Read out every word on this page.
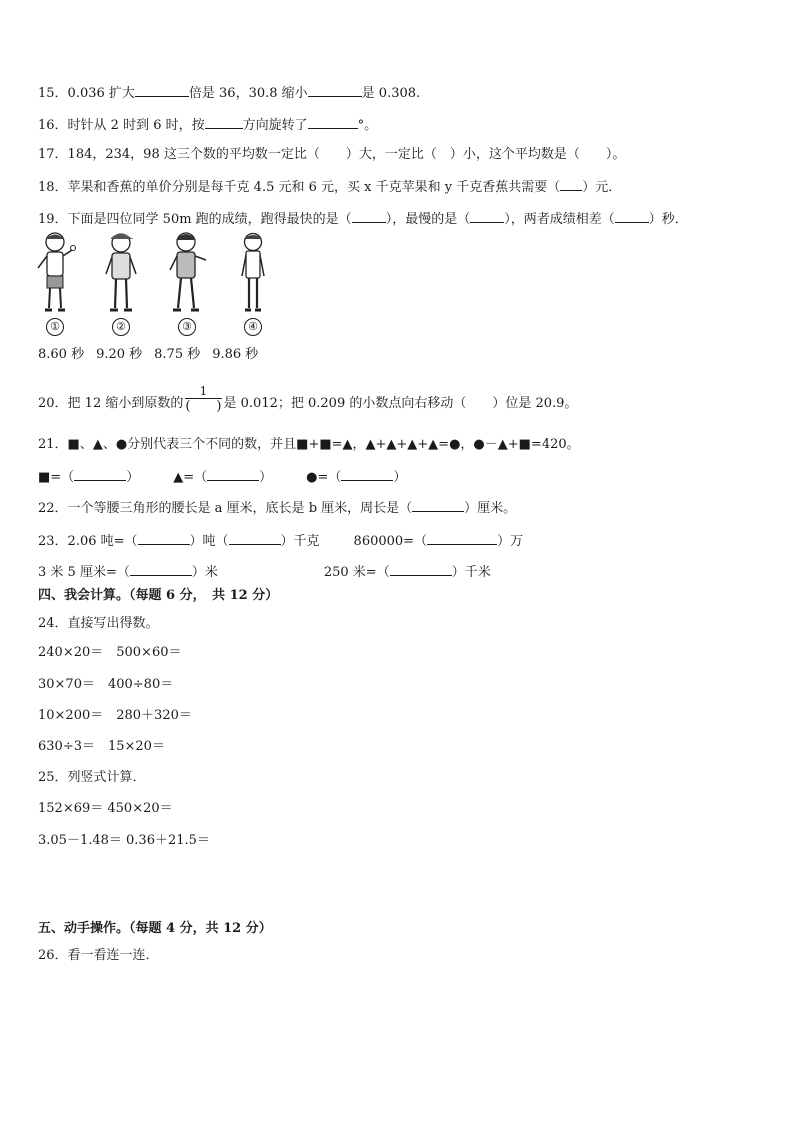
15．0.036 扩大	倍是 36，30.8 缩小	是 0.308.
16．时针从 2 时到 6 时，按	方向旋转了	°。
17．184，234，98 这三个数的平均数一定比（　　）大，一定比（　）小，这个平均数是（　　）。
18．苹果和香蕉的单价分别是每千克 4.5 元和 6 元，买 x 千克苹果和 y 千克香蕉共需要（ ）元．
19．下面是四位同学 50m 跑的成绩，跑得最快的是（	），最慢的是（	），两者成绩相差（	）秒．
①	②	③	④
8.60 秒 9.20 秒 8.75 秒 9.86 秒
20．把 12 缩小到原数的 $\frac{1}{( )}$ 是 0.012；把 0.209 的小数点向右移动（　　）位是 20.9。
21．■、▲、●分别代表三个不同的数，并且■+■=▲，▲+▲+▲+▲=●，●－▲+■=420。
■=（	）	▲=（	）	●=（	）
22．一个等腰三角形的腰长是 a 厘米，底长是 b 厘米，周长是（	）厘米。
23．2.06 吨=（	）吨（	）千克	860000=（	）万
3 米 5 厘米=（	）米	250 米=（	）千米
四、我会计算。（每题 6 分，　共 12 分）
24．直接写出得数。
240×20＝　500×60＝
30×70＝　400÷80＝
10×200＝　280＋320＝
630÷3＝　15×20＝
25．列竖式计算．
152×69＝ 450×20＝
3.05－1.48＝ 0.36＋21.5＝
五、动手操作。（每题 4 分，共 12 分）
26．看一看连一连．
